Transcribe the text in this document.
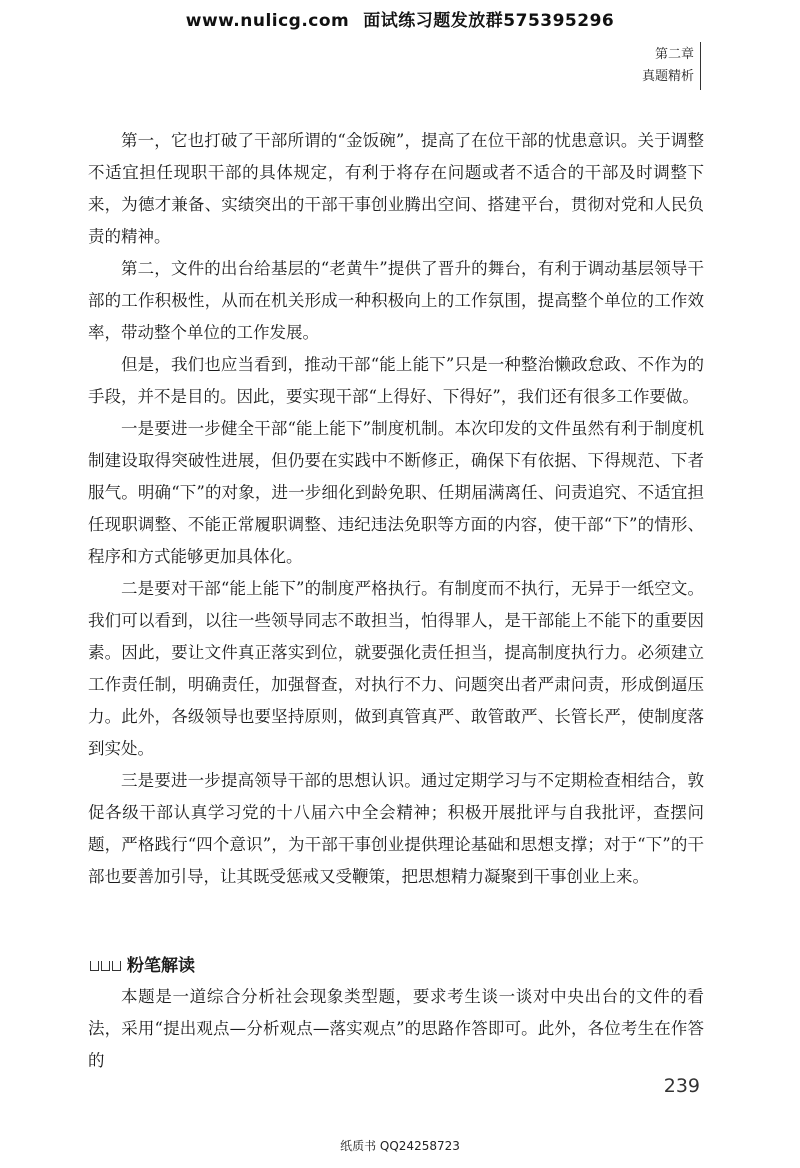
www.nulicg.com 面试练习题发放群575395296
第二章
真题精析

第一，它也打破了干部所谓的“金饭碗”，提高了在位干部的忧患意识。关于调整不适宜担任现职干部的具体规定，有利于将存在问题或者不适合的干部及时调整下来，为德才兼备、实绩突出的干部干事创业腾出空间、搭建平台，贯彻对党和人民负责的精神。

第二，文件的出台给基层的“老黄牛”提供了晋升的舞台，有利于调动基层领导干部的工作积极性，从而在机关形成一种积极向上的工作氛围，提高整个单位的工作效率，带动整个单位的工作发展。

但是，我们也应当看到，推动干部“能上能下”只是一种整治懒政怠政、不作为的手段，并不是目的。因此，要实现干部“上得好、下得好”，我们还有很多工作要做。

一是要进一步健全干部“能上能下”制度机制。本次印发的文件虽然有利于制度机制建设取得突破性进展，但仍要在实践中不断修正，确保下有依据、下得规范、下者服气。明确“下”的对象，进一步细化到龄免职、任期届满离任、问责追究、不适宜担任现职调整、不能正常履职调整、违纪违法免职等方面的内容，使干部“下”的情形、程序和方式能够更加具体化。

二是要对干部“能上能下”的制度严格执行。有制度而不执行，无异于一纸空文。我们可以看到，以往一些领导同志不敢担当，怕得罪人，是干部能上不能下的重要因素。因此，要让文件真正落实到位，就要强化责任担当，提高制度执行力。必须建立工作责任制，明确责任，加强督查，对执行不力、问题突出者严肃问责，形成倒逼压力。此外，各级领导也要坚持原则，做到真管真严、敢管敢严、长管长严，使制度落到实处。

三是要进一步提高领导干部的思想认识。通过定期学习与不定期检查相结合，敦促各级干部认真学习党的十八届六中全会精神；积极开展批评与自我批评，查摆问题，严格践行“四个意识”，为干部干事创业提供理论基础和思想支撑；对于“下”的干部也要善加引导，让其既受惩戒又受鞭策，把思想精力凝聚到干事创业上来。

粉笔解读

本题是一道综合分析社会现象类型题，要求考生谈一谈对中央出台的文件的看法，采用“提出观点—分析观点—落实观点”的思路作答即可。此外，各位考生在作答的

239
纸质书 QQ24258723
